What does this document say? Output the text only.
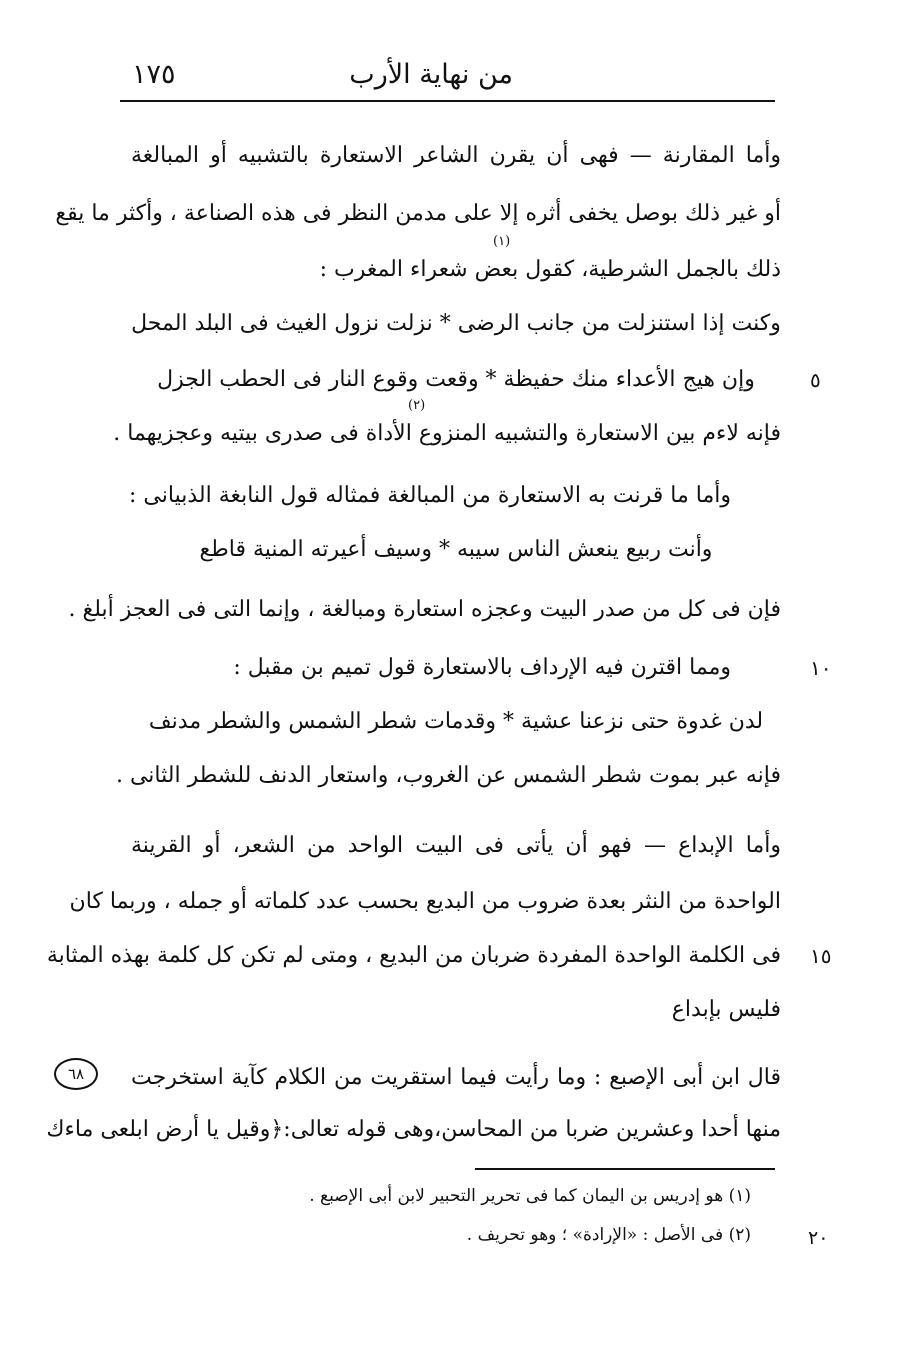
١٧٥	من نهاية الأرب
وأما المقارنة — فهى أن يقرن الشاعر الاستعارة بالتشبيه أو المبالغة
أو غير ذلك بوصل يخفى أثره إلا على مدمن النظر فى هذه الصناعة ، وأكثر ما يقع
ذلك بالجمل الشرطية، كقول بعض شعراء المغرب :
وكنت إذا استنزلت من جانب الرضى * نزلت نزول الغيث فى البلد المحل
وإن هيج الأعداء منك حفيظة * وقعت وقوع النار فى الحطب الجزل
فإنه لاءم بين الاستعارة والتشبيه المنزوع الأداة فى صدرى بيتيه وعجزيهما .
وأما ما قرنت به الاستعارة من المبالغة فمثاله قول النابغة الذبيانى :
وأنت ربيع ينعش الناس سيبه * وسيف أعيرته المنية قاطع
فإن فى كل من صدر البيت وعجزه استعارة ومبالغة ، وإنما التى فى العجز أبلغ .
ومما اقترن فيه الإرداف بالاستعارة قول تميم بن مقبل :
لدن غدوة حتى نزعنا عشية * وقدمات شطر الشمس والشطر مدنف
فإنه عبر بموت شطر الشمس عن الغروب، واستعار الدنف للشطر الثانى .
وأما الإبداع — فهو أن يأتى فى البيت الواحد من الشعر، أو القرينة
الواحدة من النثر بعدة ضروب من البديع بحسب عدد كلماته أو جمله ، وربما كان
فى الكلمة الواحدة المفردة ضربان من البديع ، ومتى لم تكن كل كلمة بهذه المثابة
فليس بإبداع
قال ابن أبى الإصبع : وما رأيت فيما استقريت من الكلام كآية استخرجت
منها أحدا وعشرين ضربا من المحاسن،وهى قوله تعالى:﴿وقيل يا أرض ابلعى ماءك
(١)
(٢)
٥
١٠
١٥
٦٨
(١) هو إدريس بن اليمان كما فى تحرير التحبير لابن أبى الإصبع .
(٢) فى الأصل : «الإرادة» ؛ وهو تحريف .	٢٠
